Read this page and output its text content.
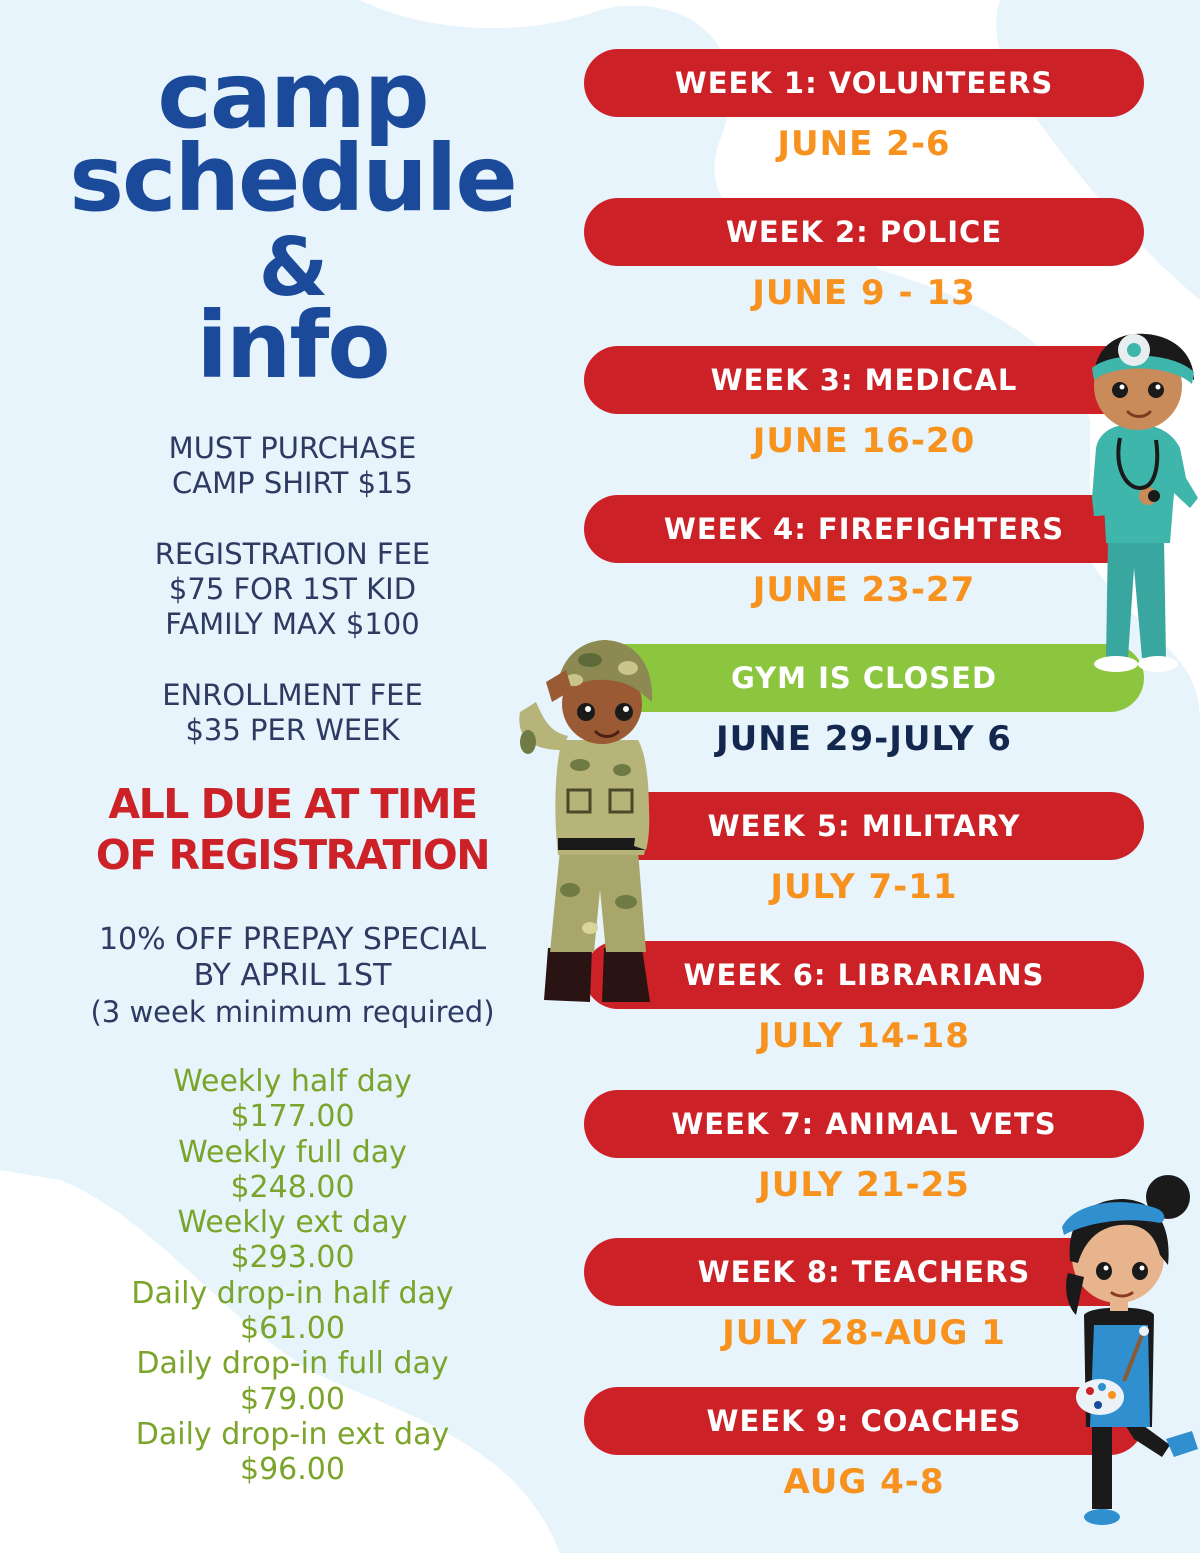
camp
schedule
&
info
MUST PURCHASE
CAMP SHIRT $15
REGISTRATION FEE
$75 FOR 1ST KID
FAMILY MAX $100
ENROLLMENT FEE
$35 PER WEEK
ALL DUE AT TIME
OF REGISTRATION
10% OFF PREPAY SPECIAL
BY APRIL 1ST
(3 week minimum required)
Weekly half day
$177.00
Weekly full day
$248.00
Weekly ext day
$293.00
Daily drop-in half day
$61.00
Daily drop-in full day
$79.00
Daily drop-in ext day
$96.00
WEEK 1: VOLUNTEERS
JUNE 2-6
WEEK 2: POLICE
JUNE 9 - 13
WEEK 3: MEDICAL
JUNE 16-20
WEEK 4: FIREFIGHTERS
JUNE 23-27
GYM IS CLOSED
JUNE 29-JULY 6
WEEK 5: MILITARY
JULY 7-11
WEEK 6: LIBRARIANS
JULY 14-18
WEEK 7: ANIMAL VETS
JULY 21-25
WEEK 8: TEACHERS
JULY 28-AUG 1
WEEK 9: COACHES
AUG 4-8
